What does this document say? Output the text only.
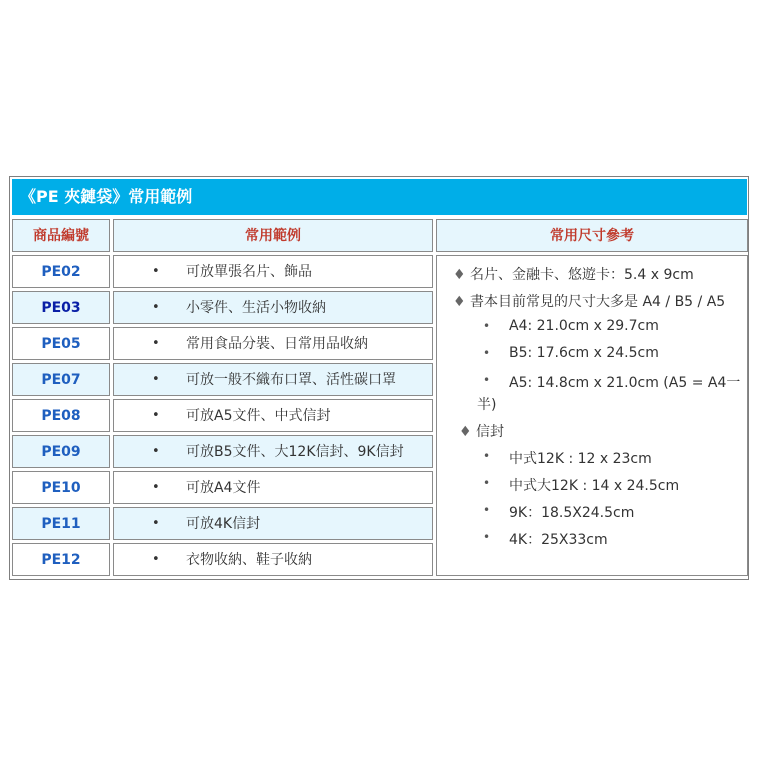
《PE 夾鏈袋》常用範例
商品編號	常用範例	常用尺寸參考
PE02	• 可放單張名片、飾品
PE03	• 小零件、生活小物收納
PE05	• 常用食品分裝、日常用品收納
PE07	• 可放一般不織布口罩、活性碳口罩
PE08	• 可放A5文件、中式信封
PE09	• 可放B5文件、大12K信封、9K信封
PE10	• 可放A4文件
PE11	• 可放4K信封
PE12	• 衣物收納、鞋子收納
♦ 名片、金融卡、悠遊卡：5.4 x 9cm
♦ 書本目前常見的尺寸大多是 A4 / B5 / A5
• A4: 21.0cm x 29.7cm
• B5: 17.6cm x 24.5cm
• A5: 14.8cm x 21.0cm (A5 = A4一
半)
♦ 信封
• 中式12K : 12 x 23cm
• 中式大12K : 14 x 24.5cm
• 9K：18.5X24.5cm
• 4K：25X33cm
